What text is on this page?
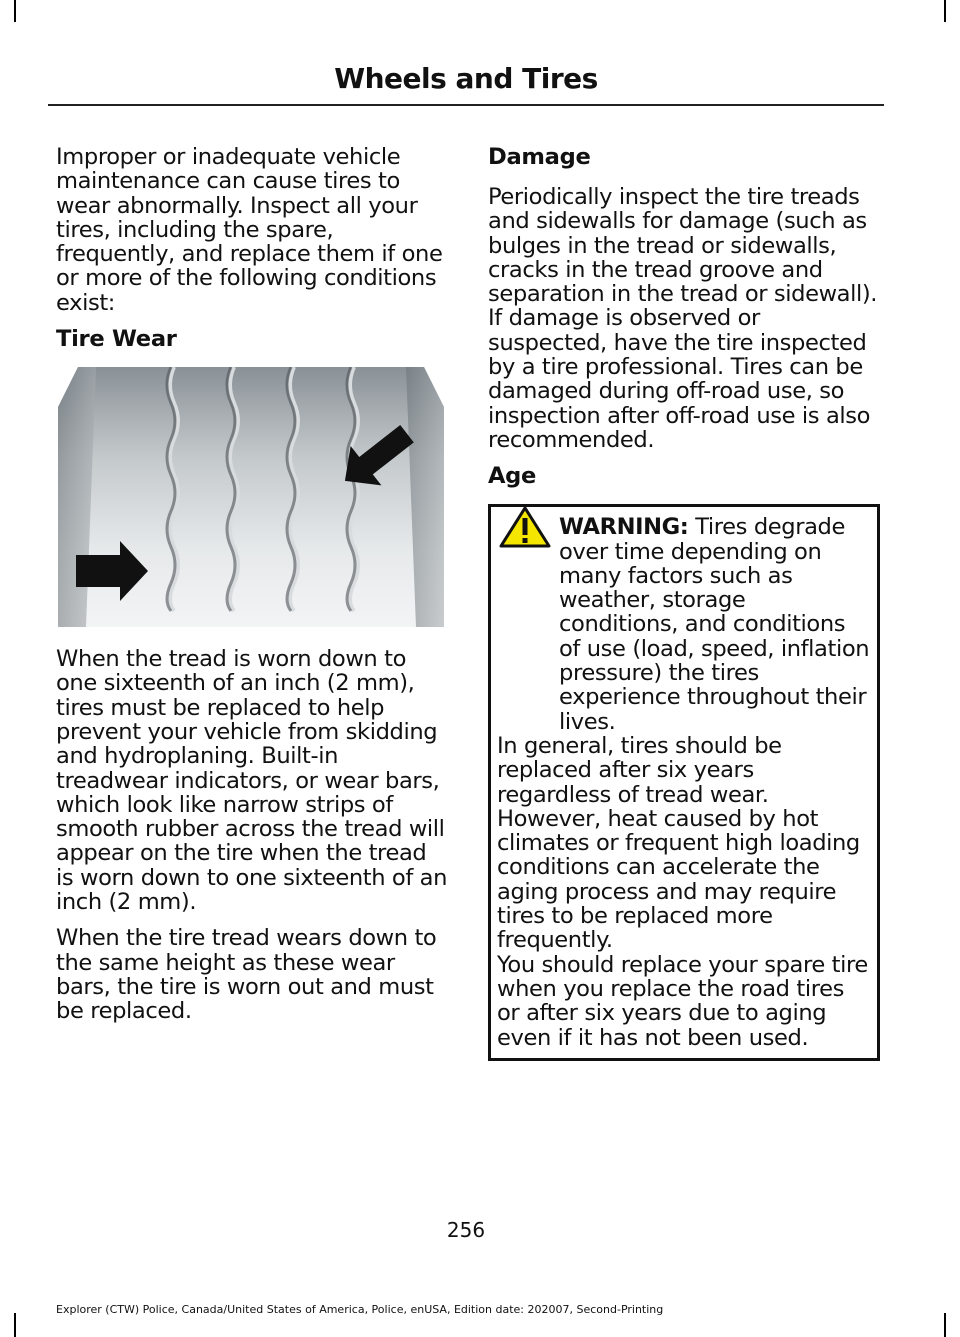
Wheels and Tires

Improper or inadequate vehicle maintenance can cause tires to wear abnormally. Inspect all your tires, including the spare, frequently, and replace them if one or more of the following conditions exist:

Tire Wear

When the tread is worn down to one sixteenth of an inch (2 mm), tires must be replaced to help prevent your vehicle from skidding and hydroplaning. Built-in treadwear indicators, or wear bars, which look like narrow strips of smooth rubber across the tread will appear on the tire when the tread is worn down to one sixteenth of an inch (2 mm).

When the tire tread wears down to the same height as these wear bars, the tire is worn out and must be replaced.

Damage

Periodically inspect the tire treads and sidewalls for damage (such as bulges in the tread or sidewalls, cracks in the tread groove and separation in the tread or sidewall). If damage is observed or suspected, have the tire inspected by a tire professional. Tires can be damaged during off-road use, so inspection after off-road use is also recommended.

Age

WARNING: Tires degrade over time depending on many factors such as weather, storage conditions, and conditions of use (load, speed, inflation pressure) the tires experience throughout their lives.

In general, tires should be replaced after six years regardless of tread wear. However, heat caused by hot climates or frequent high loading conditions can accelerate the aging process and may require tires to be replaced more frequently.

You should replace your spare tire when you replace the road tires or after six years due to aging even if it has not been used.

256
Explorer (CTW) Police, Canada/United States of America, Police, enUSA, Edition date: 202007, Second-Printing
